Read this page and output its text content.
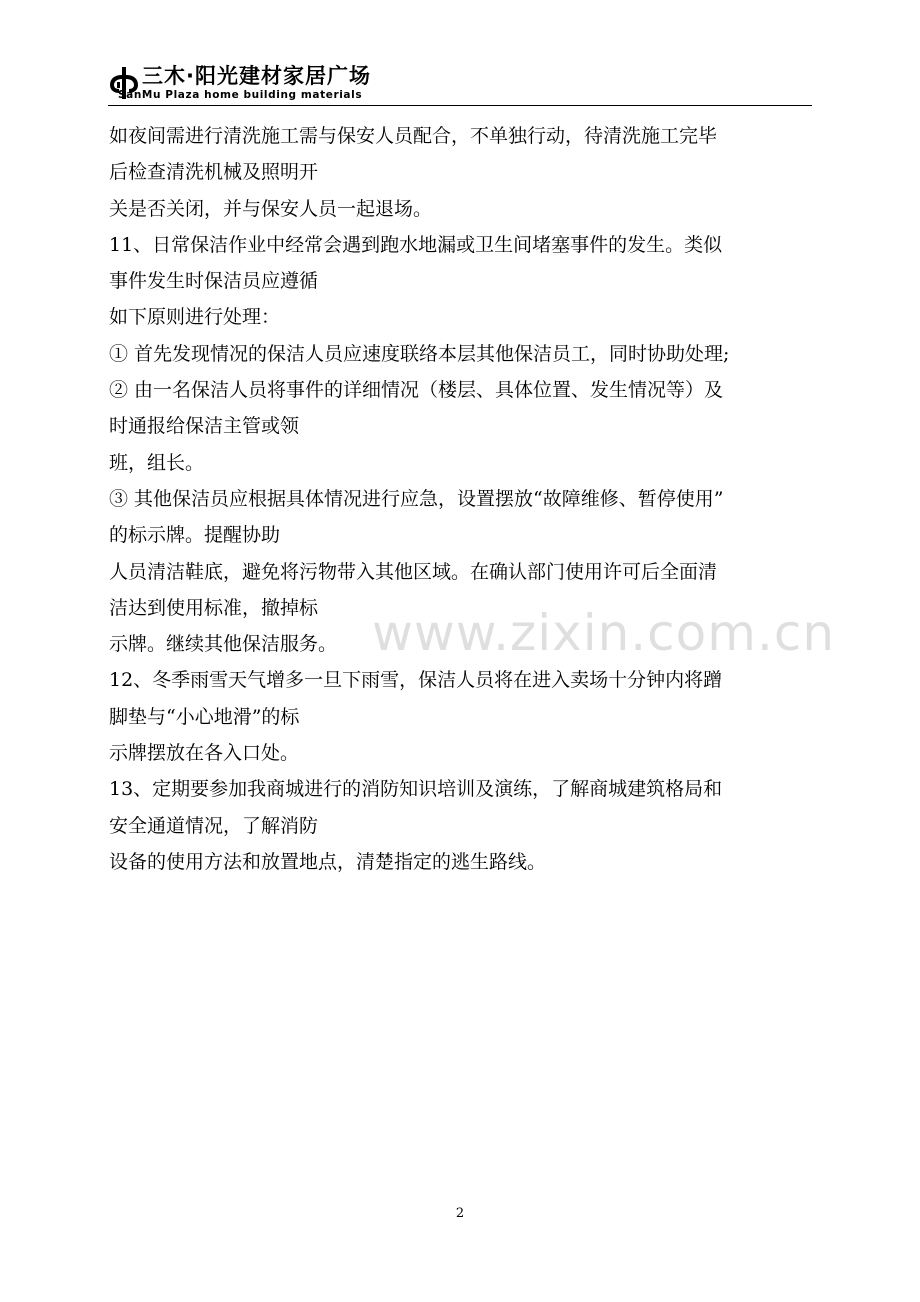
三木·阳光建材家居广场
SanMu Plaza home building materials
如夜间需进行清洗施工需与保安人员配合，不单独行动，待清洗施工完毕
后检查清洗机械及照明开
关是否关闭，并与保安人员一起退场。
11、日常保洁作业中经常会遇到跑水地漏或卫生间堵塞事件的发生。类似
事件发生时保洁员应遵循
如下原则进行处理：
① 首先发现情况的保洁人员应速度联络本层其他保洁员工，同时协助处理;
② 由一名保洁人员将事件的详细情况（楼层、具体位置、发生情况等）及
时通报给保洁主管或领
班，组长。
③ 其他保洁员应根据具体情况进行应急，设置摆放“故障维修、暂停使用”
的标示牌。提醒协助
人员清洁鞋底，避免将污物带入其他区域。在确认部门使用许可后全面清
洁达到使用标准，撤掉标
示牌。继续其他保洁服务。
12、冬季雨雪天气增多一旦下雨雪，保洁人员将在进入卖场十分钟内将蹭
脚垫与“小心地滑”的标
示牌摆放在各入口处。
13、定期要参加我商城进行的消防知识培训及演练，了解商城建筑格局和
安全通道情况，了解消防
设备的使用方法和放置地点，清楚指定的逃生路线。
www.zixin.com.cn
2
